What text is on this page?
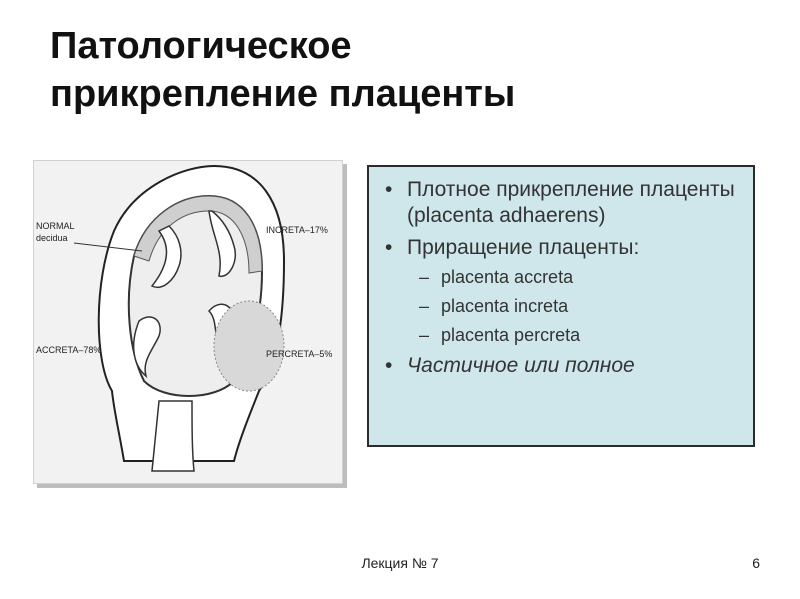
Патологическое
прикрепление плаценты
NORMAL
decidua
INCRETA–17%
ACCRETA–78%	PERCRETA–5%
• Плотное прикрепление плаценты (placenta adhaerens)
• Приращение плаценты:
– placenta accreta
– placenta increta
– placenta percreta
• Частичное или полное
Лекция № 7	6
